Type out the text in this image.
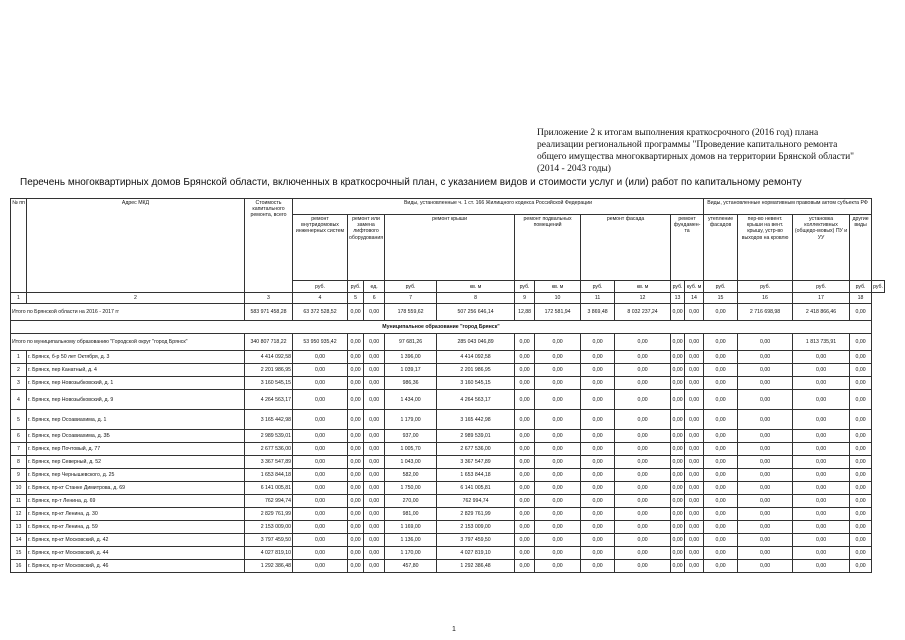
Приложение 2 к итогам выполнения краткосрочного (2016 год) плана реализации региональной программы "Проведение капитального ремонта общего имущества многоквартирных домов на территории Брянской области" (2014 - 2043 годы)
Перечень многоквартирных домов Брянской области, включенных в краткосрочный план, с указанием видов и стоимости услуг и (или) работ по капитальному ремонту
№ пп	Адрес МКД	Стоимость капитального ремонта, всего	Виды, установленные ч. 1 ст. 166 Жилищного кодекса Российской Федерации											Виды, установленные нормативным правовым актом субъекта РФ				
			ремонт внутридомовых инженерных систем	ремонт или замена лифтового оборудования		ремонт крыши		ремонт подвальных помещений		ремонт фасада		ремонт фундамен-та		утепление фасадов	пер-во невент. крыши на вент. крышу, устр-во выходов на кровлю	установка коллективных (общедо-мовых) ПУ и УУ	другие виды	
			руб.	руб.	ед.	руб.	кв. м	руб.	кв. м	руб.	кв. м	руб.	куб. м	руб.	руб.	руб.	руб.	руб.
1	2	3	4	5	6	7	8	9	10	11	12	13	14	15	16	17	18	
Итого по Брянской области на 2016 - 2017 гг		583 971 458,28	63 372 528,52	0,00	0,00	178 559,62	507 256 646,14	12,88	172 581,94	3 869,48	8 032 237,24	0,00	0,00	0,00	2 716 698,98	2 418 866,46	0,00	
Муниципальное образование "город Брянск"																		
Итого по муниципальному образованию "Городской округ "город Брянск"		340 807 718,22	53 950 935,42	0,00	0,00	97 681,26	285 043 046,89	0,00	0,00	0,00	0,00	0,00	0,00	0,00	0,00	1 813 735,91	0,00	
1	г. Брянск, б-р 50 лет Октября, д. 3	4 414 092,58	0,00	0,00	0,00	1 396,00	4 414 092,58	0,00	0,00	0,00	0,00	0,00	0,00	0,00	0,00	0,00	0,00	
2	г. Брянск, пер Канатный, д. 4	2 201 986,95	0,00	0,00	0,00	1 039,17	2 201 986,95	0,00	0,00	0,00	0,00	0,00	0,00	0,00	0,00	0,00	0,00	
3	г. Брянск, пер Новозыбковский, д. 1	3 160 545,15	0,00	0,00	0,00	986,36	3 160 545,15	0,00	0,00	0,00	0,00	0,00	0,00	0,00	0,00	0,00	0,00	
4	г. Брянск, пер Новозыбковский, д. 9	4 264 563,17	0,00	0,00	0,00	1 434,00	4 264 563,17	0,00	0,00	0,00	0,00	0,00	0,00	0,00	0,00	0,00	0,00	
5	г. Брянск, пер Осоавиахима, д. 1	3 165 442,98	0,00	0,00	0,00	1 179,00	3 165 442,98	0,00	0,00	0,00	0,00	0,00	0,00	0,00	0,00	0,00	0,00	
6	г. Брянск, пер Осоавиахима, д. 3Б	2 989 539,01	0,00	0,00	0,00	937,00	2 989 539,01	0,00	0,00	0,00	0,00	0,00	0,00	0,00	0,00	0,00	0,00	
7	г. Брянск, пер Почтовый, д. 77	2 677 536,00	0,00	0,00	0,00	1 005,70	2 677 536,00	0,00	0,00	0,00	0,00	0,00	0,00	0,00	0,00	0,00	0,00	
8	г. Брянск, пер Северный, д. 52	3 367 547,89	0,00	0,00	0,00	1 043,00	3 367 547,89	0,00	0,00	0,00	0,00	0,00	0,00	0,00	0,00	0,00	0,00	
9	г. Брянск, пер Чернышевского, д. 25	1 653 844,18	0,00	0,00	0,00	582,00	1 653 844,18	0,00	0,00	0,00	0,00	0,00	0,00	0,00	0,00	0,00	0,00	
10	г. Брянск, пр-кт Станке Димитрова, д. 69	6 141 005,81	0,00	0,00	0,00	1 750,00	6 141 005,81	0,00	0,00	0,00	0,00	0,00	0,00	0,00	0,00	0,00	0,00	
11	г. Брянск, пр-т Ленина, д. 69	762 994,74	0,00	0,00	0,00	270,00	762 994,74	0,00	0,00	0,00	0,00	0,00	0,00	0,00	0,00	0,00	0,00	
12	г. Брянск, пр-кт Ленина, д. 30	2 829 761,99	0,00	0,00	0,00	981,00	2 829 761,99	0,00	0,00	0,00	0,00	0,00	0,00	0,00	0,00	0,00	0,00	
13	г. Брянск, пр-кт Ленина, д. 59	2 153 009,00	0,00	0,00	0,00	1 169,00	2 153 009,00	0,00	0,00	0,00	0,00	0,00	0,00	0,00	0,00	0,00	0,00	
14	г. Брянск, пр-кт Московский, д. 42	3 797 459,50	0,00	0,00	0,00	1 136,00	3 797 459,50	0,00	0,00	0,00	0,00	0,00	0,00	0,00	0,00	0,00	0,00	
15	г. Брянск, пр-кт Московский, д. 44	4 027 819,10	0,00	0,00	0,00	1 170,00	4 027 819,10	0,00	0,00	0,00	0,00	0,00	0,00	0,00	0,00	0,00	0,00	
16	г. Брянск, пр-кт Московский, д. 46	1 292 386,48	0,00	0,00	0,00	457,80	1 292 386,48	0,00	0,00	0,00	0,00	0,00	0,00	0,00	0,00	0,00	0,00	
1
